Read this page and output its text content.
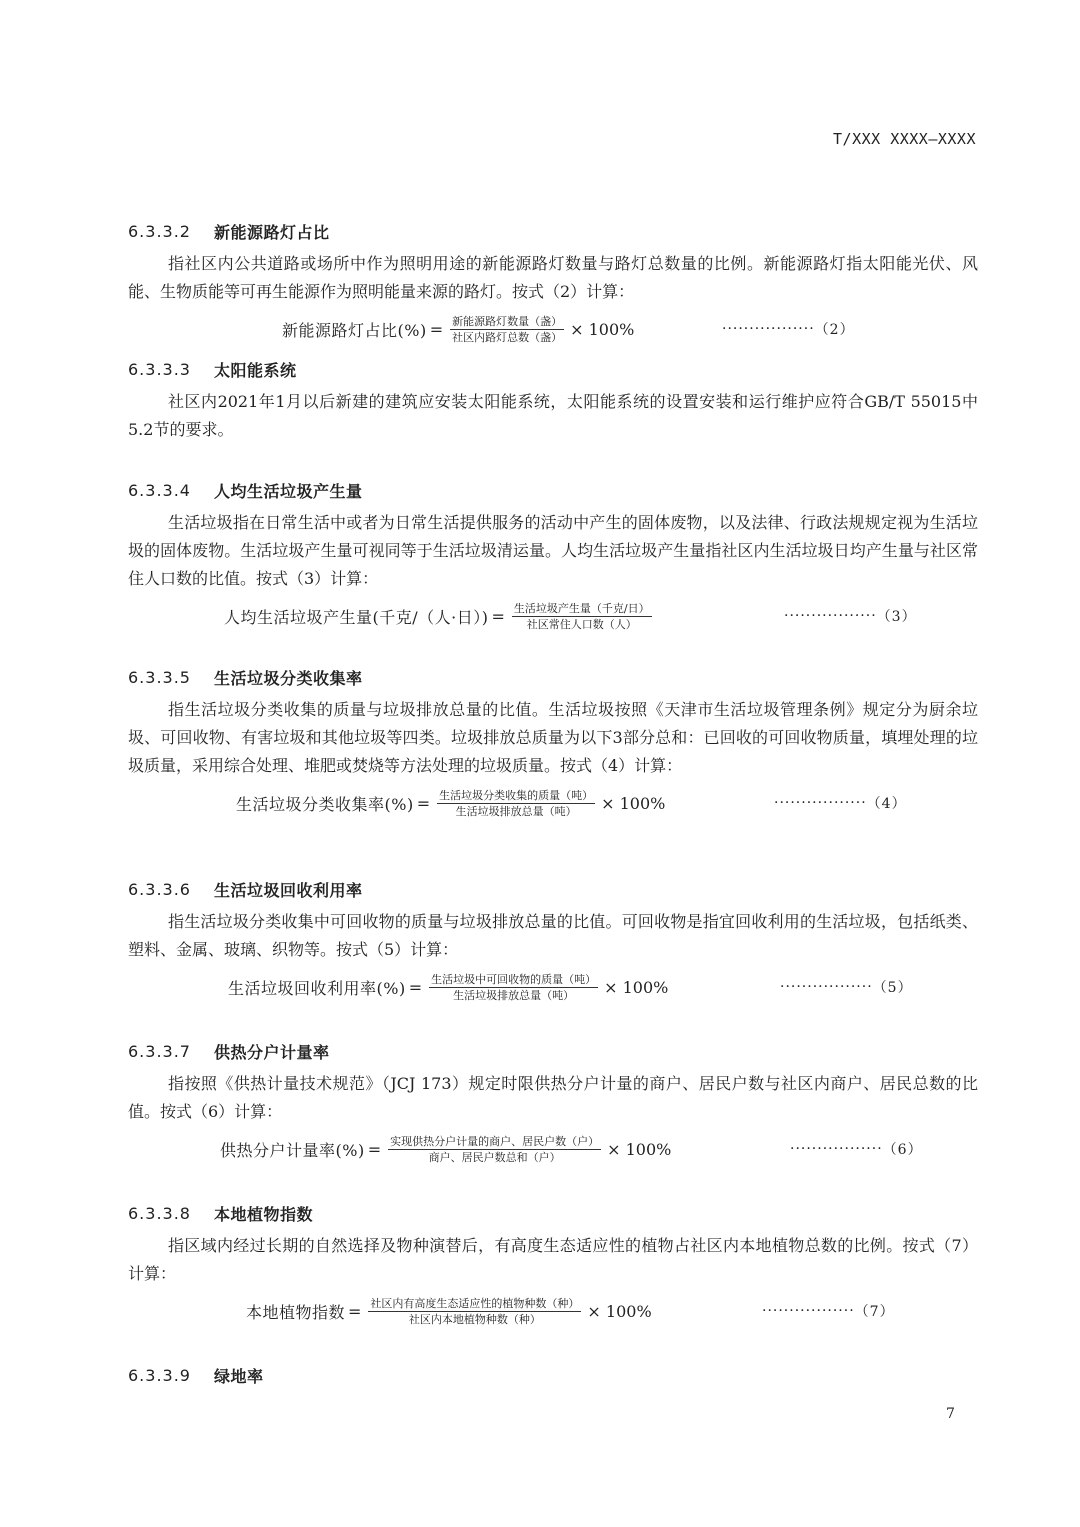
T/XXX XXXX—XXXX
6.3.3.2	新能源路灯占比
指社区内公共道路或场所中作为照明用途的新能源路灯数量与路灯总数量的比例。新能源路灯指太阳能光伏、风能、生物质能等可再生能源作为照明能量来源的路灯。按式（2）计算：
新能源路灯占比(%) = $\frac{\text{新能源路灯数量（盏）}}{\text{社区内路灯总数（盏）}} \times 100\%$	················· （2）
6.3.3.3	太阳能系统
社区内2021年1月以后新建的建筑应安装太阳能系统，太阳能系统的设置安装和运行维护应符合GB/T 55015中5.2节的要求。
6.3.3.4	人均生活垃圾产生量
生活垃圾指在日常生活中或者为日常生活提供服务的活动中产生的固体废物，以及法律、行政法规规定视为生活垃圾的固体废物。生活垃圾产生量可视同等于生活垃圾清运量。人均生活垃圾产生量指社区内生活垃圾日均产生量与社区常住人口数的比值。按式（3）计算：
人均生活垃圾产生量(千克/（人·日）) = $\frac{\text{生活垃圾产生量（千克/日）}}{\text{社区常住人口数（人）}}$	················· （3）
6.3.3.5	生活垃圾分类收集率
指生活垃圾分类收集的质量与垃圾排放总量的比值。生活垃圾按照《天津市生活垃圾管理条例》规定分为厨余垃圾、可回收物、有害垃圾和其他垃圾等四类。垃圾排放总质量为以下3部分总和：已回收的可回收物质量，填埋处理的垃圾质量，采用综合处理、堆肥或焚烧等方法处理的垃圾质量。按式（4）计算：
生活垃圾分类收集率(%) = $\frac{\text{生活垃圾分类收集的质量（吨）}}{\text{生活垃圾排放总量（吨）}} \times 100\%$	················· （4）
6.3.3.6	生活垃圾回收利用率
指生活垃圾分类收集中可回收物的质量与垃圾排放总量的比值。可回收物是指宜回收利用的生活垃圾，包括纸类、塑料、金属、玻璃、织物等。按式（5）计算：
生活垃圾回收利用率(%) = $\frac{\text{生活垃圾中可回收物的质量（吨）}}{\text{生活垃圾排放总量（吨）}} \times 100\%$	················· （5）
6.3.3.7	供热分户计量率
指按照《供热计量技术规范》（JCJ 173）规定时限供热分户计量的商户、居民户数与社区内商户、居民总数的比值。按式（6）计算：
供热分户计量率(%) = $\frac{\text{实现供热分户计量的商户、居民户数（户）}}{\text{商户、居民户数总和（户）}} \times 100\%$	················· （6）
6.3.3.8	本地植物指数
指区域内经过长期的自然选择及物种演替后，有高度生态适应性的植物占社区内本地植物总数的比例。按式（7）计算：
本地植物指数 = $\frac{\text{社区内有高度生态适应性的植物种数（种）}}{\text{社区内本地植物种数（种）}} \times 100\%$	················· （7）
6.3.3.9	绿地率
7
